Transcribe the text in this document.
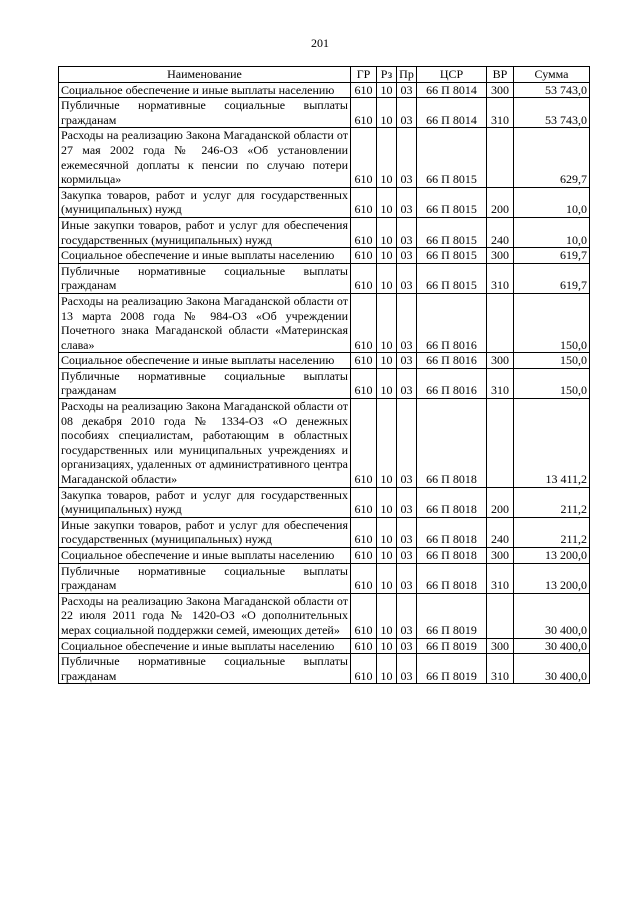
201
Наименование	ГР	Рз	Пр	ЦСР	ВР	Сумма
Социальное обеспечение и иные выплаты населению	610	10	03	66 П 8014	300	53 743,0
Публичные нормативные социальные выплаты гражданам	610	10	03	66 П 8014	310	53 743,0
Расходы на реализацию Закона Магаданской области от 27 мая 2002 года № 246-ОЗ «Об установлении ежемесячной доплаты к пенсии по случаю потери кормильца»	610	10	03	66 П 8015		629,7
Закупка товаров, работ и услуг для государственных (муниципальных) нужд	610	10	03	66 П 8015	200	10,0
Иные закупки товаров, работ и услуг для обеспечения государственных (муниципальных) нужд	610	10	03	66 П 8015	240	10,0
Социальное обеспечение и иные выплаты населению	610	10	03	66 П 8015	300	619,7
Публичные нормативные социальные выплаты гражданам	610	10	03	66 П 8015	310	619,7
Расходы на реализацию Закона Магаданской области от 13 марта 2008 года № 984-ОЗ «Об учреждении Почетного знака Магаданской области «Материнская слава»	610	10	03	66 П 8016		150,0
Социальное обеспечение и иные выплаты населению	610	10	03	66 П 8016	300	150,0
Публичные нормативные социальные выплаты гражданам	610	10	03	66 П 8016	310	150,0
Расходы на реализацию Закона Магаданской области от 08 декабря 2010 года № 1334-ОЗ «О денежных пособиях специалистам, работающим в областных государственных или муниципальных учреждениях и организациях, удаленных от административного центра Магаданской области»	610	10	03	66 П 8018		13 411,2
Закупка товаров, работ и услуг для государственных (муниципальных) нужд	610	10	03	66 П 8018	200	211,2
Иные закупки товаров, работ и услуг для обеспечения государственных (муниципальных) нужд	610	10	03	66 П 8018	240	211,2
Социальное обеспечение и иные выплаты населению	610	10	03	66 П 8018	300	13 200,0
Публичные нормативные социальные выплаты гражданам	610	10	03	66 П 8018	310	13 200,0
Расходы на реализацию Закона Магаданской области от 22 июля 2011 года № 1420-ОЗ «О дополнительных мерах социальной поддержки семей, имеющих детей»	610	10	03	66 П 8019		30 400,0
Социальное обеспечение и иные выплаты населению	610	10	03	66 П 8019	300	30 400,0
Публичные нормативные социальные выплаты гражданам	610	10	03	66 П 8019	310	30 400,0
